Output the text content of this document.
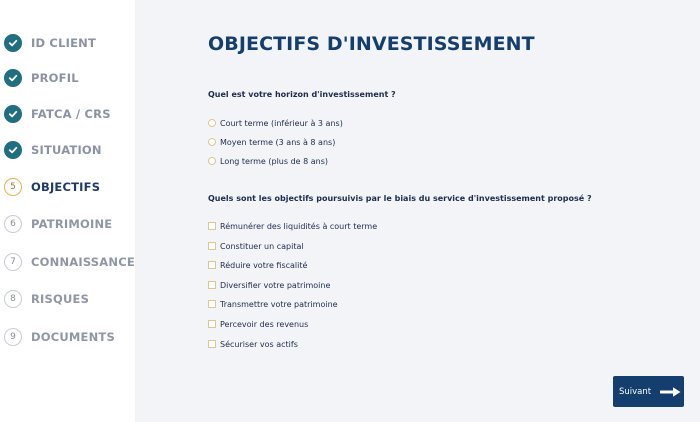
ID CLIENT
PROFIL
FATCA / CRS
SITUATION
5 OBJECTIFS
6 PATRIMOINE
7 CONNAISSANCE
8 RISQUES
9 DOCUMENTS
OBJECTIFS D'INVESTISSEMENT
Quel est votre horizon d'investissement ?
Court terme (inférieur à 3 ans)
Moyen terme (3 ans à 8 ans)
Long terme (plus de 8 ans)
Quels sont les objectifs poursuivis par le biais du service d'investissement proposé ?
Rémunérer des liquidités à court terme
Constituer un capital
Réduire votre fiscalité
Diversifier votre patrimoine
Transmettre votre patrimoine
Percevoir des revenus
Sécuriser vos actifs
Suivant
